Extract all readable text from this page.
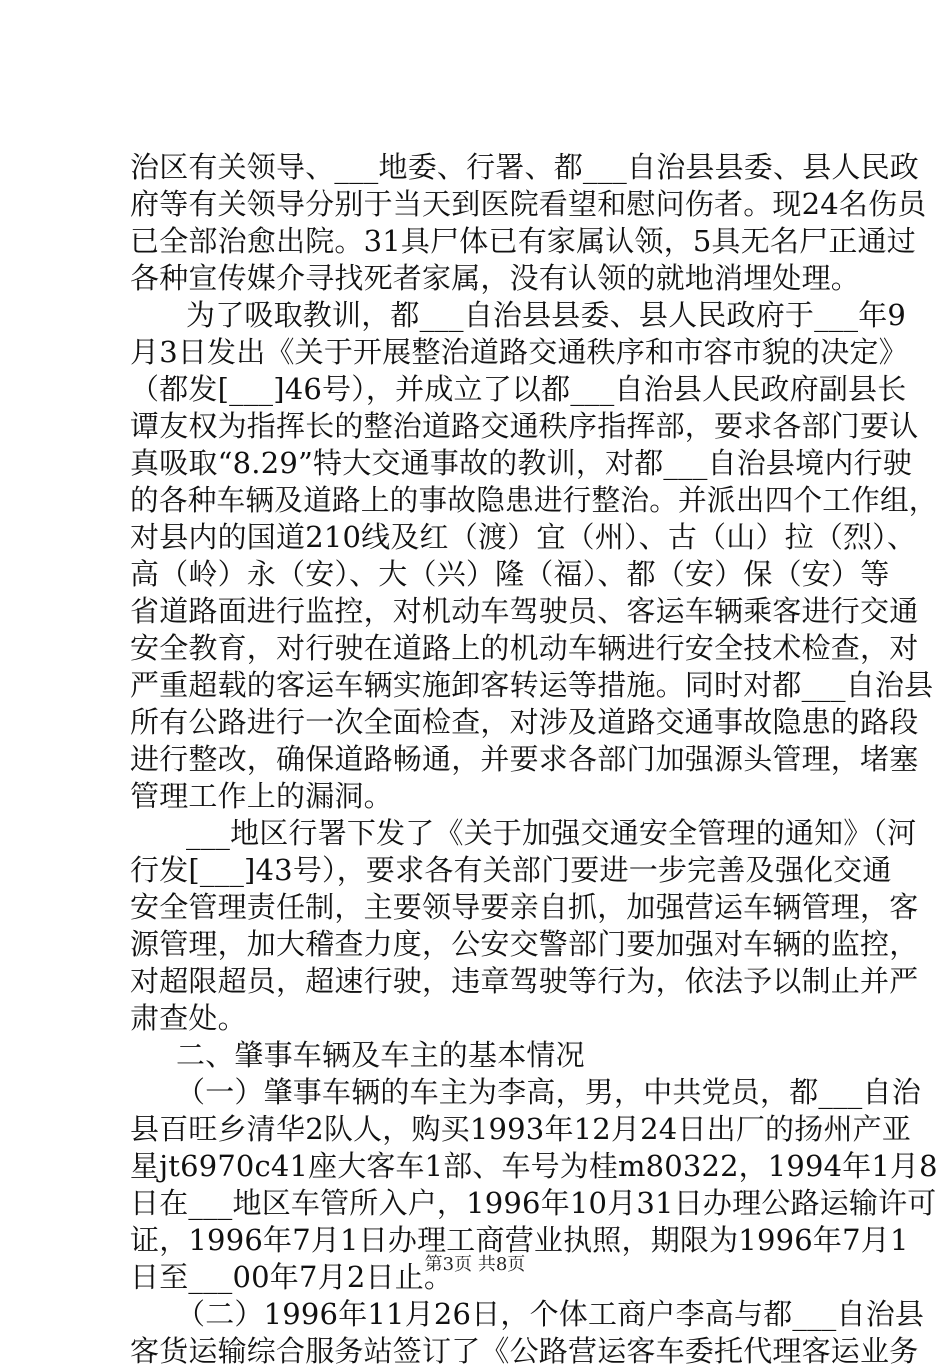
治区有关领导、___地委、行署、都___自治县县委、县人民政
府等有关领导分别于当天到医院看望和慰问伤者。现24名伤员
已全部治愈出院。31具尸体已有家属认领，5具无名尸正通过
各种宣传媒介寻找死者家属，没有认领的就地消埋处理。
为了吸取教训，都___自治县县委、县人民政府于___年9
月3日发出《关于开展整治道路交通秩序和市容市貌的决定》
（都发[___]46号），并成立了以都___自治县人民政府副县长
谭友权为指挥长的整治道路交通秩序指挥部，要求各部门要认
真吸取“8.29”特大交通事故的教训，对都___自治县境内行驶
的各种车辆及道路上的事故隐患进行整治。并派出四个工作组，
对县内的国道210线及红（渡）宜（州）、古（山）拉（烈）、
高（岭）永（安）、大（兴）隆（福）、都（安）保（安）等
省道路面进行监控，对机动车驾驶员、客运车辆乘客进行交通
安全教育，对行驶在道路上的机动车辆进行安全技术检查，对
严重超载的客运车辆实施卸客转运等措施。同时对都___自治县
所有公路进行一次全面检查，对涉及道路交通事故隐患的路段
进行整改，确保道路畅通，并要求各部门加强源头管理，堵塞
管理工作上的漏洞。
___地区行署下发了《关于加强交通安全管理的通知》（河
行发[___]43号），要求各有关部门要进一步完善及强化交通
安全管理责任制，主要领导要亲自抓，加强营运车辆管理，客
源管理，加大稽查力度，公安交警部门要加强对车辆的监控，
对超限超员，超速行驶，违章驾驶等行为，依法予以制止并严
肃查处。
二、肇事车辆及车主的基本情况
（一）肇事车辆的车主为李高，男，中共党员，都___自治
县百旺乡清华2队人，购买1993年12月24日出厂的扬州产亚
星jt6970c41座大客车1部、车号为桂m80322，1994年1月8
日在___地区车管所入户，1996年10月31日办理公路运输许可
证，1996年7月1日办理工商营业执照，期限为1996年7月1
日至___00年7月2日止。
（二）1996年11月26日，个体工商户李高与都___自治县
客货运输综合服务站签订了《公路营运客车委托代理客运业务
第3页 共8页
